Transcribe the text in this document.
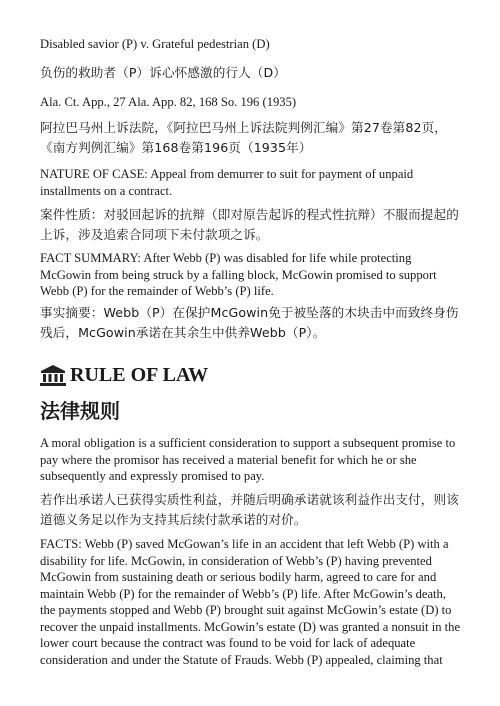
Disabled savior (P) v. Grateful pedestrian (D)

负伤的救助者（P）诉心怀感激的行人（D）

Ala. Ct. App., 27 Ala. App. 82, 168 So. 196 (1935)

阿拉巴马州上诉法院，《阿拉巴马州上诉法院判例汇编》第27卷第82页，《南方判例汇编》第168卷第196页（1935年）

NATURE OF CASE: Appeal from demurrer to suit for payment of unpaid installments on a contract.

案件性质：对驳回起诉的抗辩（即对原告起诉的程式性抗辩）不服而提起的上诉，涉及追索合同项下未付款项之诉。

FACT SUMMARY: After Webb (P) was disabled for life while protecting McGowin from being struck by a falling block, McGowin promised to support Webb (P) for the remainder of Webb’s (P) life.

事实摘要：Webb（P）在保护McGowin免于被坠落的木块击中而致终身伤残后，McGowin承诺在其余生中供养Webb（P）。

RULE OF LAW

法律规则

A moral obligation is a sufficient consideration to support a subsequent promise to pay where the promisor has received a material benefit for which he or she subsequently and expressly promised to pay.

若作出承诺人已获得实质性利益，并随后明确承诺就该利益作出支付，则该道德义务足以作为支持其后续付款承诺的对价。

FACTS: Webb (P) saved McGowan’s life in an accident that left Webb (P) with a disability for life. McGowin, in consideration of Webb’s (P) having prevented McGowin from sustaining death or serious bodily harm, agreed to care for and maintain Webb (P) for the remainder of Webb’s (P) life. After McGowin’s death, the payments stopped and Webb (P) brought suit against McGowin’s estate (D) to recover the unpaid installments. McGowin’s estate (D) was granted a nonsuit in the lower court because the contract was found to be void for lack of adequate consideration and under the Statute of Frauds. Webb (P) appealed, claiming that
